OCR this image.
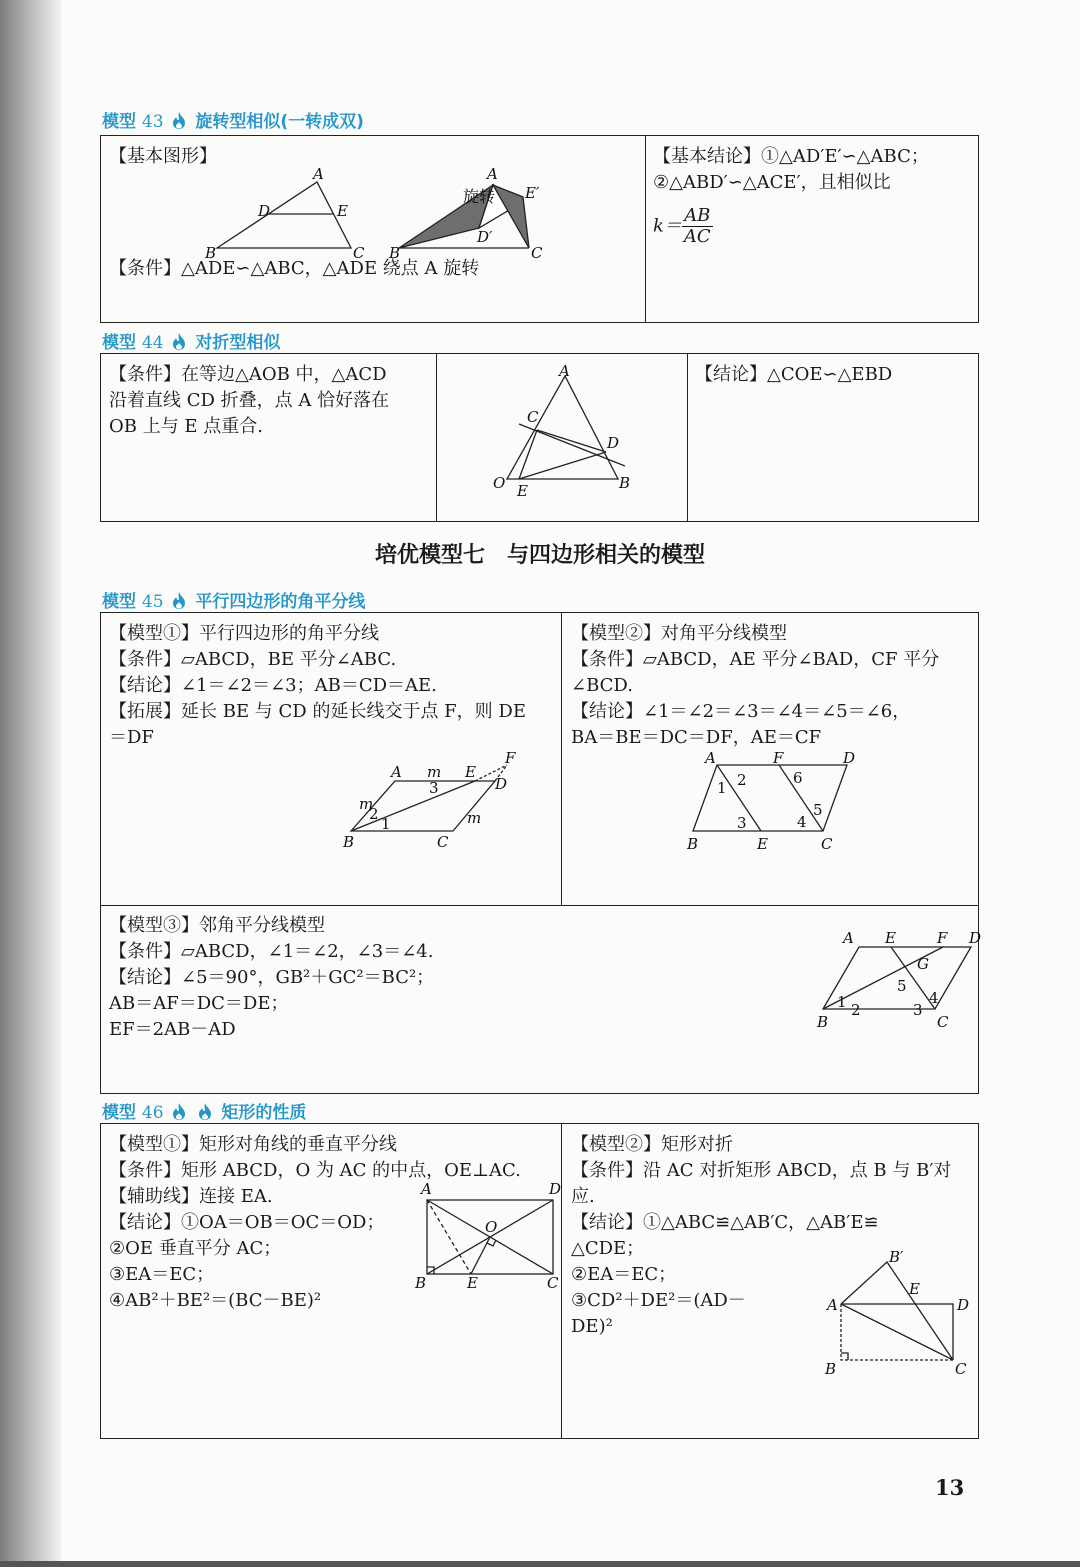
模型 43 旋转型相似(一转成双)
【基本图形】
A
D	E
B	C
旋转
A
E′
D′
B	C
【条件】△ADE∽△ABC，△ADE 绕点 A 旋转
【基本结论】①△AD′E′∽△ABC；
②△ABD′∽△ACE′，且相似比
$k= \frac{AB}{AC}$
模型 44 对折型相似
【条件】在等边△AOB 中，△ACD
沿着直线 CD 折叠，点 A 恰好落在
OB 上与 E 点重合.
A
C
D
O E	B
【结论】△COE∽△EBD
培优模型七　与四边形相关的模型
模型 45 平行四边形的角平分线
【模型①】平行四边形的角平分线
【条件】▱ABCD，BE 平分∠ABC.
【结论】∠1＝∠2＝∠3；AB＝CD＝AE.
【拓展】延长 BE 与 CD 的延长线交于点 F，则 DE
＝DF
A m E
F
D
m
m
2
1
3
B	C
【模型②】对角平分线模型
【条件】▱ABCD，AE 平分∠BAD，CF 平分
∠BCD.
【结论】∠1＝∠2＝∠3＝∠4＝∠5＝∠6，
BA＝BE＝DC＝DF，AE＝CF
A	F	D
1 2
3
6
4
5
B	E	C
【模型③】邻角平分线模型
【条件】▱ABCD，∠1＝∠2，∠3＝∠4.
【结论】∠5＝90°，GB²＋GC²＝BC²；
AB＝AF＝DC＝DE；
EF＝2AB－AD
A E	F D
G
1 2	3
4
5
B	C
模型 46	矩形的性质
【模型①】矩形对角线的垂直平分线
【条件】矩形 ABCD，O 为 AC 的中点，OE⊥AC.
【辅助线】连接 EA.
【结论】①OA＝OB＝OC＝OD；
②OE 垂直平分 AC；
③EA＝EC；
④AB²＋BE²＝(BC－BE)²
A	D
O
B	E	C
【模型②】矩形对折
【条件】沿 AC 对折矩形 ABCD，点 B 与 B′对
应.
【结论】①△ABC≌△AB′C，△AB′E≌
△CDE；
②EA＝EC；
③CD²＋DE²＝(AD－
DE)²
B′
E
A	D
B	C
13
